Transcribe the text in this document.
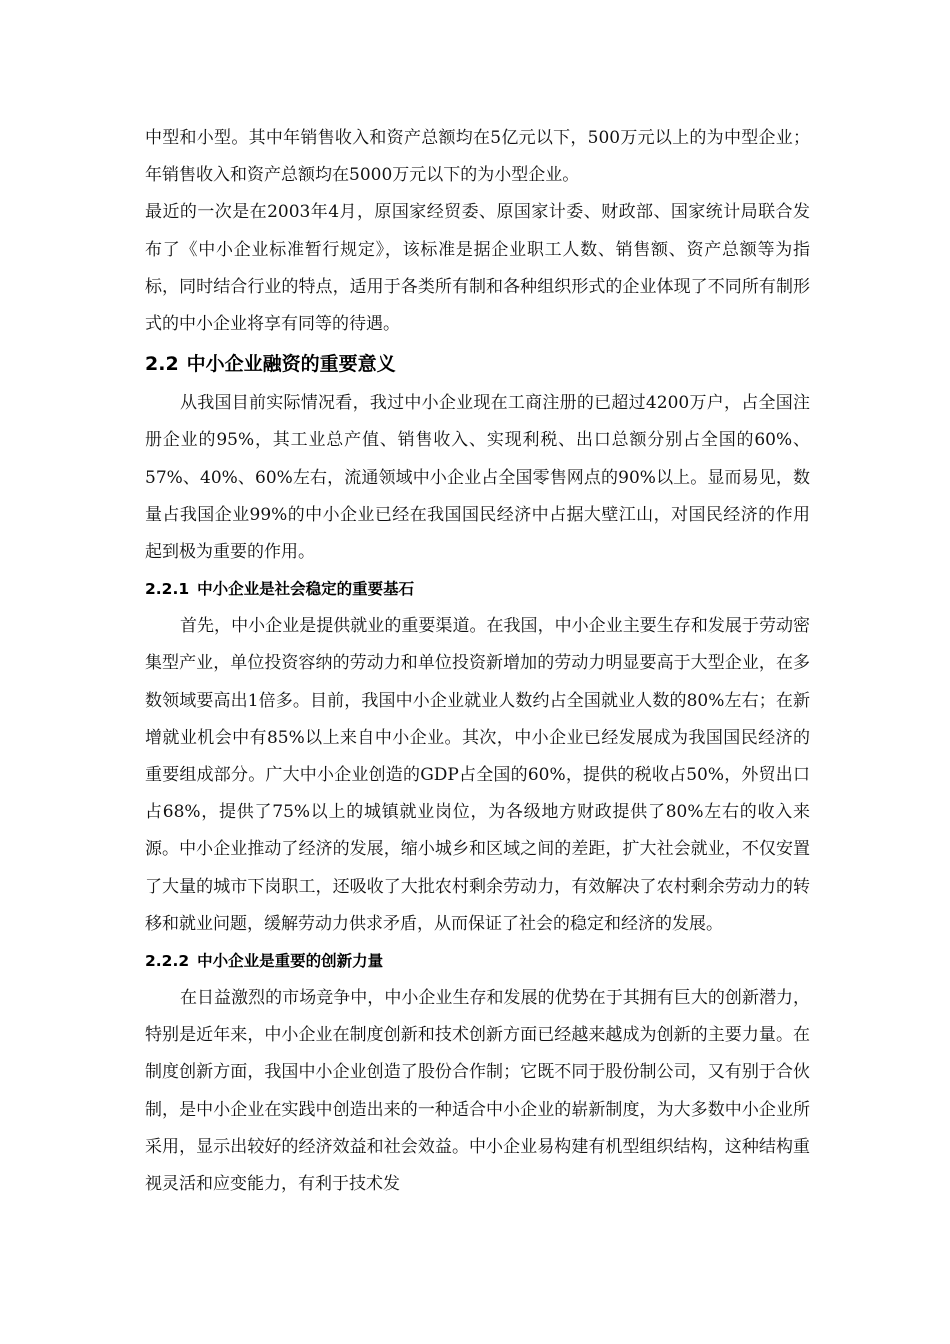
中型和小型。其中年销售收入和资产总额均在5亿元以下，500万元以上的为中型企业；年销售收入和资产总额均在5000万元以下的为小型企业。

最近的一次是在2003年4月，原国家经贸委、原国家计委、财政部、国家统计局联合发布了《中小企业标准暂行规定》，该标准是据企业职工人数、销售额、资产总额等为指标，同时结合行业的特点，适用于各类所有制和各种组织形式的企业体现了不同所有制形式的中小企业将享有同等的待遇。

2.2 中小企业融资的重要意义

从我国目前实际情况看，我过中小企业现在工商注册的已超过4200万户，占全国注册企业的95%，其工业总产值、销售收入、实现利税、出口总额分别占全国的60%、57%、40%、60%左右，流通领域中小企业占全国零售网点的90%以上。显而易见，数量占我国企业99%的中小企业已经在我国国民经济中占据大壁江山，对国民经济的作用起到极为重要的作用。

2.2.1 中小企业是社会稳定的重要基石

首先，中小企业是提供就业的重要渠道。在我国，中小企业主要生存和发展于劳动密集型产业，单位投资容纳的劳动力和单位投资新增加的劳动力明显要高于大型企业，在多数领域要高出1倍多。目前，我国中小企业就业人数约占全国就业人数的80%左右；在新增就业机会中有85%以上来自中小企业。其次，中小企业已经发展成为我国国民经济的重要组成部分。广大中小企业创造的GDP占全国的60%，提供的税收占50%，外贸出口占68%，提供了75%以上的城镇就业岗位，为各级地方财政提供了80%左右的收入来源。中小企业推动了经济的发展，缩小城乡和区域之间的差距，扩大社会就业，不仅安置了大量的城市下岗职工，还吸收了大批农村剩余劳动力，有效解决了农村剩余劳动力的转移和就业问题，缓解劳动力供求矛盾，从而保证了社会的稳定和经济的发展。

2.2.2 中小企业是重要的创新力量

在日益激烈的市场竞争中，中小企业生存和发展的优势在于其拥有巨大的创新潜力，特别是近年来，中小企业在制度创新和技术创新方面已经越来越成为创新的主要力量。在制度创新方面，我国中小企业创造了股份合作制；它既不同于股份制公司，又有别于合伙制，是中小企业在实践中创造出来的一种适合中小企业的崭新制度，为大多数中小企业所采用，显示出较好的经济效益和社会效益。中小企业易构建有机型组织结构，这种结构重视灵活和应变能力，有利于技术发
